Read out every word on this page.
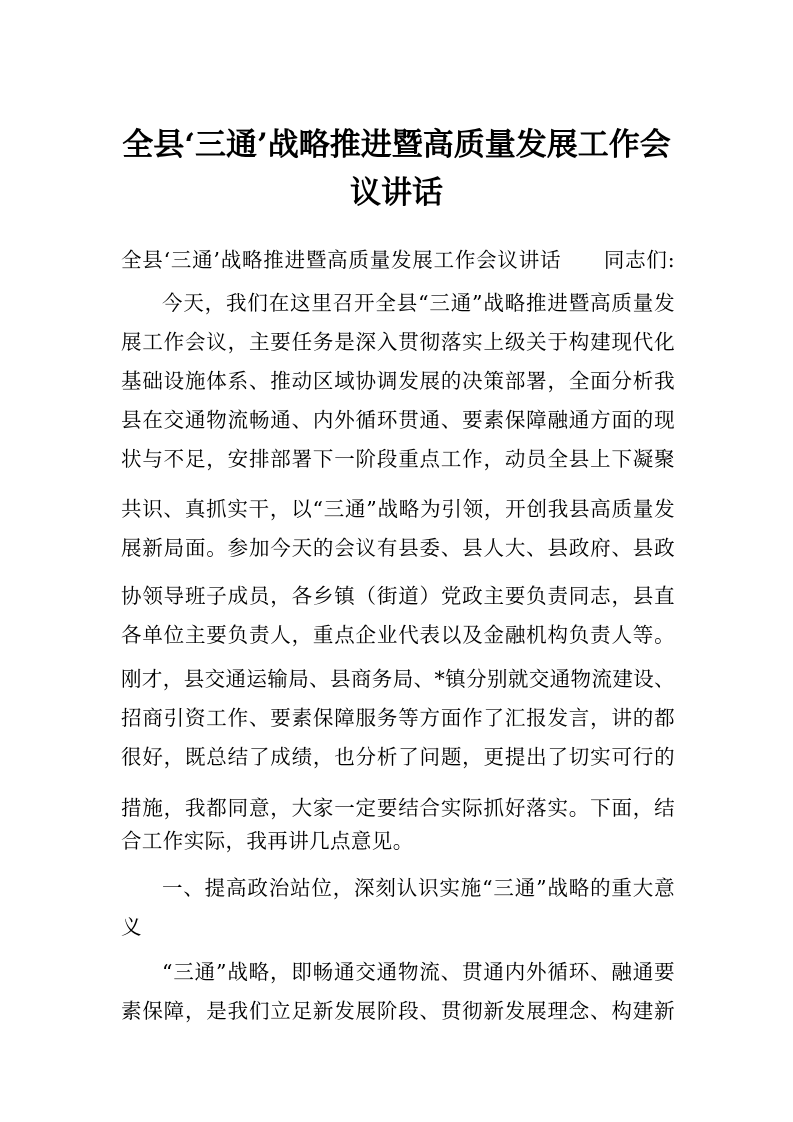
全县‘三通’战略推进暨高质量发展工作会
议讲话
全县‘三通’战略推进暨高质量发展工作会议讲话　　同志们:
今天，我们在这里召开全县“三通”战略推进暨高质量发
展工作会议，主要任务是深入贯彻落实上级关于构建现代化
基础设施体系、推动区域协调发展的决策部署，全面分析我
县在交通物流畅通、内外循环贯通、要素保障融通方面的现
状与不足，安排部署下一阶段重点工作，动员全县上下凝聚
共识、真抓实干，以“三通”战略为引领，开创我县高质量发
展新局面。参加今天的会议有县委、县人大、县政府、县政
协领导班子成员，各乡镇（街道）党政主要负责同志，县直
各单位主要负责人，重点企业代表以及金融机构负责人等。
刚才，县交通运输局、县商务局、*镇分别就交通物流建设、
招商引资工作、要素保障服务等方面作了汇报发言，讲的都
很好，既总结了成绩，也分析了问题，更提出了切实可行的
措施，我都同意，大家一定要结合实际抓好落实。下面，结
合工作实际，我再讲几点意见。
一、提高政治站位，深刻认识实施“三通”战略的重大意
义
“三通”战略，即畅通交通物流、贯通内外循环、融通要
素保障，是我们立足新发展阶段、贯彻新发展理念、构建新
